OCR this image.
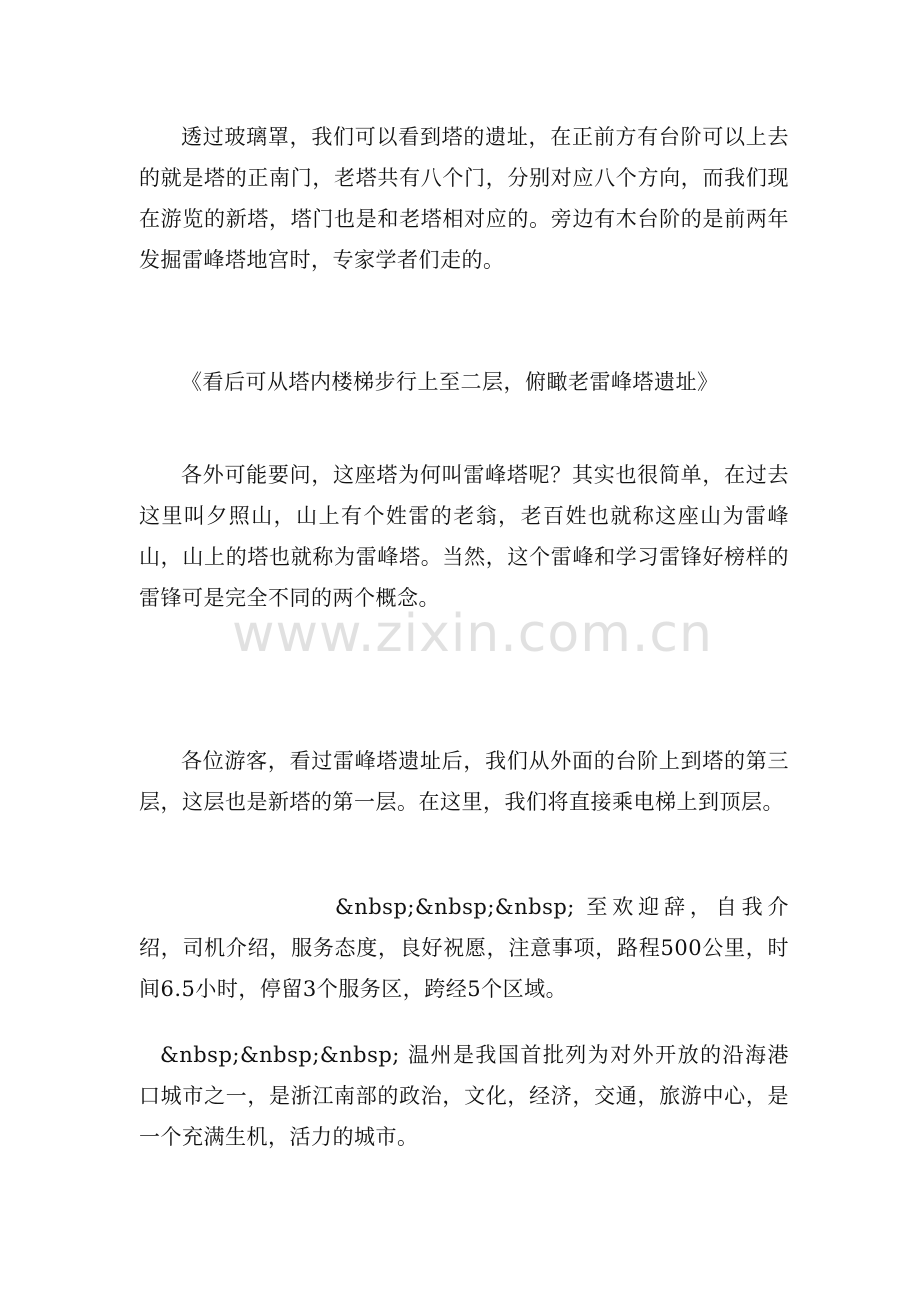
透过玻璃罩，我们可以看到塔的遗址，在正前方有台阶可以上去的就是塔的正南门，老塔共有八个门，分别对应八个方向，而我们现在游览的新塔，塔门也是和老塔相对应的。旁边有木台阶的是前两年发掘雷峰塔地宫时，专家学者们走的。

《看后可从塔内楼梯步行上至二层，俯瞰老雷峰塔遗址》

各外可能要问，这座塔为何叫雷峰塔呢？其实也很简单，在过去这里叫夕照山，山上有个姓雷的老翁，老百姓也就称这座山为雷峰山，山上的塔也就称为雷峰塔。当然，这个雷峰和学习雷锋好榜样的雷锋可是完全不同的两个概念。

各位游客，看过雷峰塔遗址后，我们从外面的台阶上到塔的第三层，这层也是新塔的第一层。在这里，我们将直接乘电梯上到顶层。

&nbsp;&nbsp;&nbsp; 至欢迎辞，自我介绍，司机介绍，服务态度，良好祝愿，注意事项，路程500公里，时间6.5小时，停留3个服务区，跨经5个区域。

&nbsp;&nbsp;&nbsp; 温州是我国首批列为对外开放的沿海港口城市之一，是浙江南部的政治，文化，经济，交通，旅游中心，是一个充满生机，活力的城市。

www.zixin.com.cn
